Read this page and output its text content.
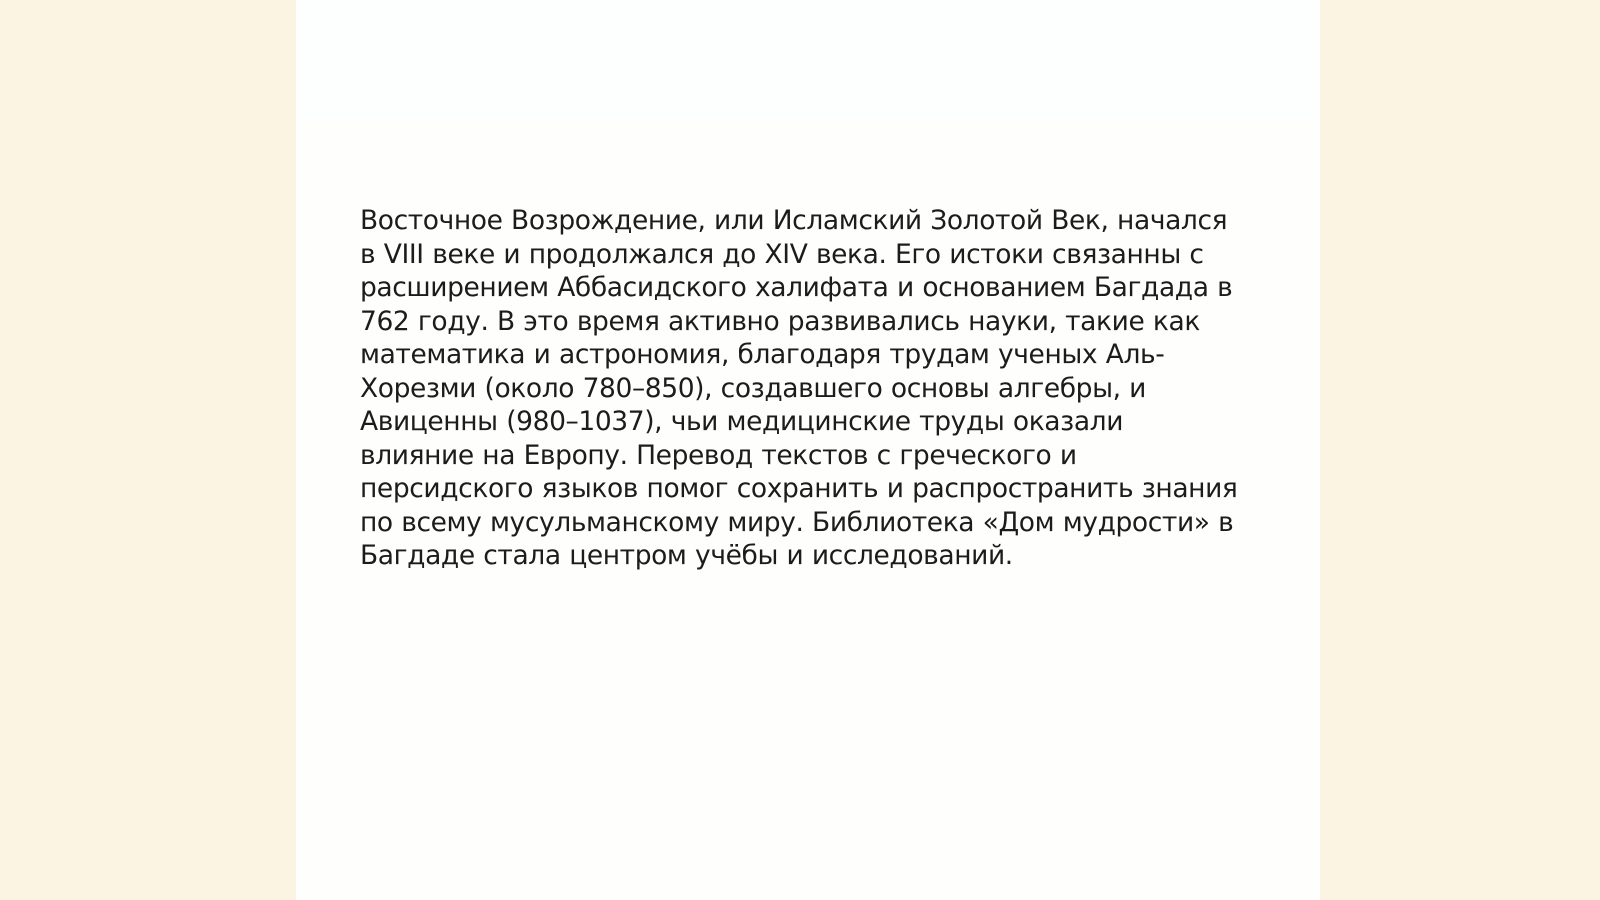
Восточное Возрождение, или Исламский Золотой Век, начался
в VIII веке и продолжался до XIV века. Его истоки связанны с
расширением Аббасидского халифата и основанием Багдада в
762 году. В это время активно развивались науки, такие как
математика и астрономия, благодаря трудам ученых Аль-
Хорезми (около 780–850), создавшего основы алгебры, и
Авиценны (980–1037), чьи медицинские труды оказали
влияние на Европу. Перевод текстов с греческого и
персидского языков помог сохранить и распространить знания
по всему мусульманскому миру. Библиотека «Дом мудрости» в
Багдаде стала центром учёбы и исследований.
